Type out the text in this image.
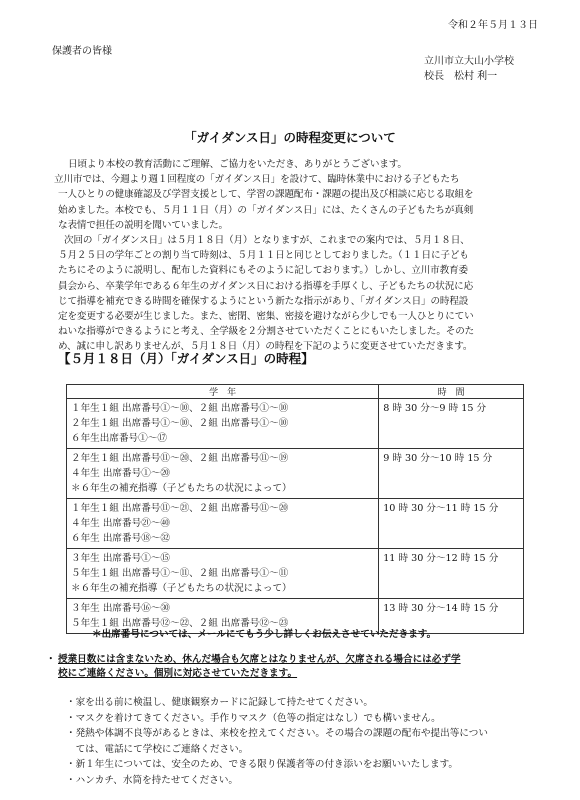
令和２年５月１３日
保護者の皆様
立川市立大山小学校
校長　松村 利一
「ガイダンス日」の時程変更について

日頃より本校の教育活動にご理解、ご協力をいただき、ありがとうございます。

立川市では、今週より週１回程度の「ガイダンス日」を設けて、臨時休業中における子どもたち

一人ひとりの健康確認及び学習支援として、学習の課題配布・課題の提出及び相談に応じる取組を

始めました。本校でも、５月１１日（月）の「ガイダンス日」には、たくさんの子どもたちが真剣

な表情で担任の説明を聞いていました。

次回の「ガイダンス日」は５月１８日（月）となりますが、これまでの案内では、５月１８日、

５月２５日の学年ごとの割り当て時刻は、５月１１日と同じとしておりました。（１１日に子ども

たちにそのように説明し、配布した資料にもそのように記しております。）しかし、立川市教育委

員会から、卒業学年である６年生のガイダンス日における指導を手厚くし、子どもたちの状況に応

じて指導を補充できる時間を確保するようにという新たな指示があり、「ガイダンス日」の時程設

定を変更する必要が生じました。また、密閉、密集、密接を避けながら少しでも一人ひとりにてい

ねいな指導ができるようにと考え、全学級を２分割させていただくことにもいたしました。そのた

め、誠に申し訳ありませんが、５月１８日（月）の時程を下記のように変更させていただきます。

【５月１８日（月）「ガイダンス日」の時程】
学　年	時　間

１年生１組 出席番号①～⑩、２組 出席番号①～⑩
２年生１組 出席番号①～⑩、２組 出席番号①～⑩
６年生出席番号①～⑰	8 時 30 分～9 時 15 分

２年生１組 出席番号⑪～⑳、２組 出席番号⑪～⑲
４年生 出席番号①～⑳
＊６年生の補充指導（子どもたちの状況によって）	9 時 30 分～10 時 15 分

１年生１組 出席番号⑪～㉑、２組 出席番号⑪～⑳
４年生 出席番号㉑～㊵
６年生 出席番号⑱～㉜	10 時 30 分～11 時 15 分

３年生 出席番号①～⑮
５年生１組 出席番号①～⑪、２組 出席番号①～⑪
＊６年生の補充指導（子どもたちの状況によって）	11 時 30 分～12 時 15 分

３年生 出席番号⑯～㉚
５年生１組 出席番号⑫～㉒、２組 出席番号⑫～㉓	13 時 30 分～14 時 15 分
＊出席番号については、メールにてもう少し詳しくお伝えさせていただきます。
・ 授業日数には含まないため、休んだ場合も欠席とはなりませんが、欠席される場合には必ず学
校にご連絡ください。個別に対応させていただきます。
・家を出る前に検温し、健康観察カードに記録して持たせてください。
・マスクを着けてきてください。手作りマスク（色等の指定はなし）でも構いません。
・発熱や体調不良等があるときは、来校を控えてください。その場合の課題の配布や提出等につい
　ては、電話にて学校にご連絡ください。
・新１年生については、安全のため、できる限り保護者等の付き添いをお願いいたします。
・ハンカチ、水筒を持たせてください。
